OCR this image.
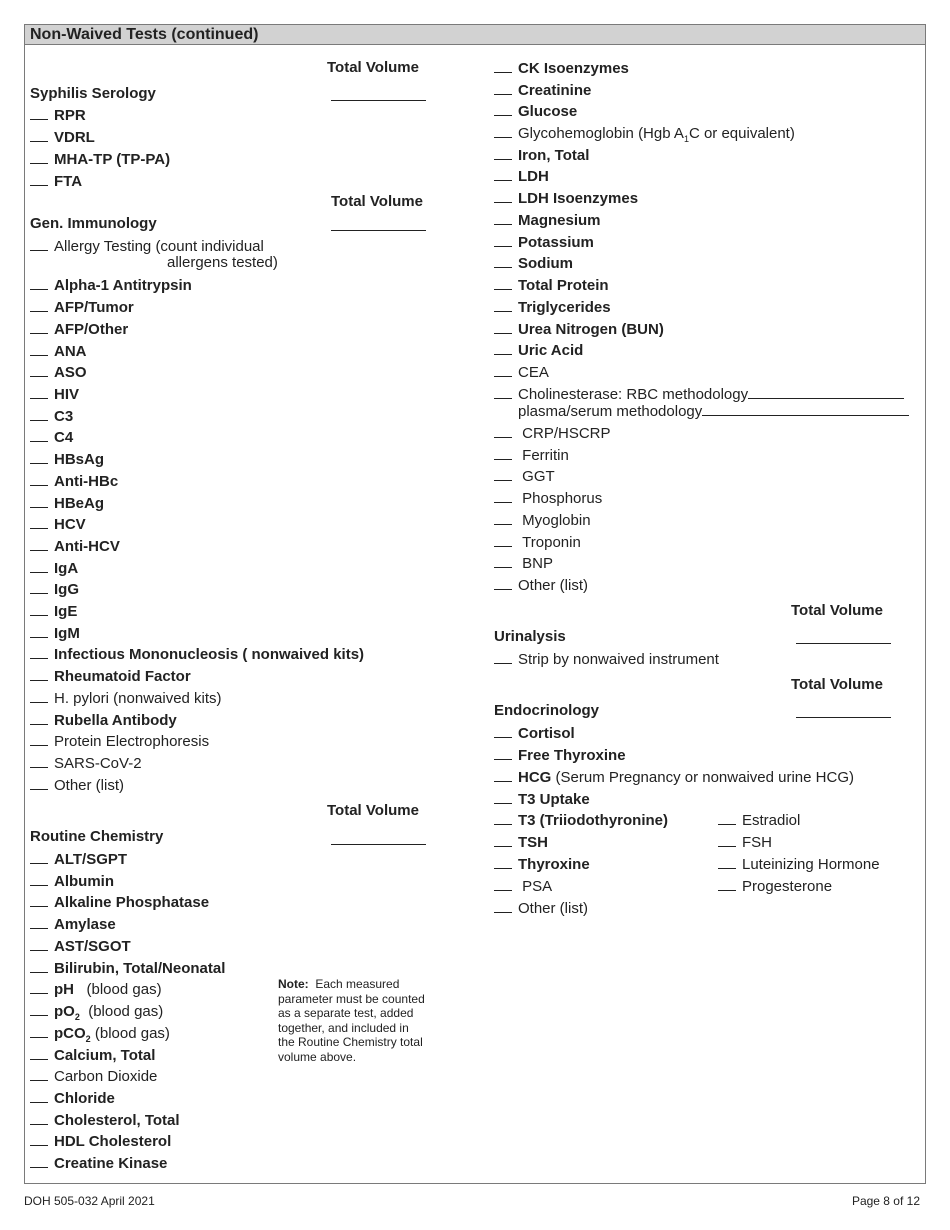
Non-Waived Tests (continued)
Total Volume
Syphilis Serology
RPR
VDRL
MHA-TP (TP-PA)
FTA
Total Volume
Gen. Immunology
Allergy Testing (count individual
allergens tested)
Alpha-1 Antitrypsin
AFP/Tumor
AFP/Other
ANA
ASO
HIV
C3
C4
HBsAg
Anti-HBc
HBeAg
HCV
Anti-HCV
IgA
IgG
IgE
IgM
Infectious Mononucleosis ( nonwaived kits)
Rheumatoid Factor
H. pylori (nonwaived kits)
Rubella Antibody
Protein Electrophoresis
SARS-CoV-2
Other (list)
Total Volume
Routine Chemistry
ALT/SGPT
Albumin
Alkaline Phosphatase
Amylase
AST/SGOT
Bilirubin, Total/Neonatal
pH (blood gas)
$pO_2$ (blood gas)
pCO$_2$ (blood gas)
Calcium, Total
Carbon Dioxide
Chloride
Cholesterol, Total
HDL Cholesterol
Creatine Kinase
Note: Each measured parameter must be counted as a separate test, added together, and included in the Routine Chemistry total volume above.
CK Isoenzymes
Creatinine
Glucose
Glycohemoglobin (Hgb $A_1C$ or equivalent)
Iron, Total
LDH
LDH Isoenzymes
Magnesium
Potassium
Sodium
Total Protein
Triglycerides
Urea Nitrogen (BUN)
Uric Acid
CEA
Cholinesterase: RBC methodology
plasma/serum methodology
CRP/HSCRP
Ferritin
GGT
Phosphorus
Myoglobin
Troponin
BNP
Other (list)
Total Volume
Urinalysis
Strip by nonwaived instrument
Total Volume
Endocrinology
Cortisol
Free Thyroxine
HCG (Serum Pregnancy or nonwaived urine HCG)
T3 Uptake
T3 (Triiodothyronine)
TSH
Thyroxine
PSA
Other (list)
Estradiol
FSH
Luteinizing Hormone
Progesterone
DOH 505-032 April 2021	Page 8 of 12
